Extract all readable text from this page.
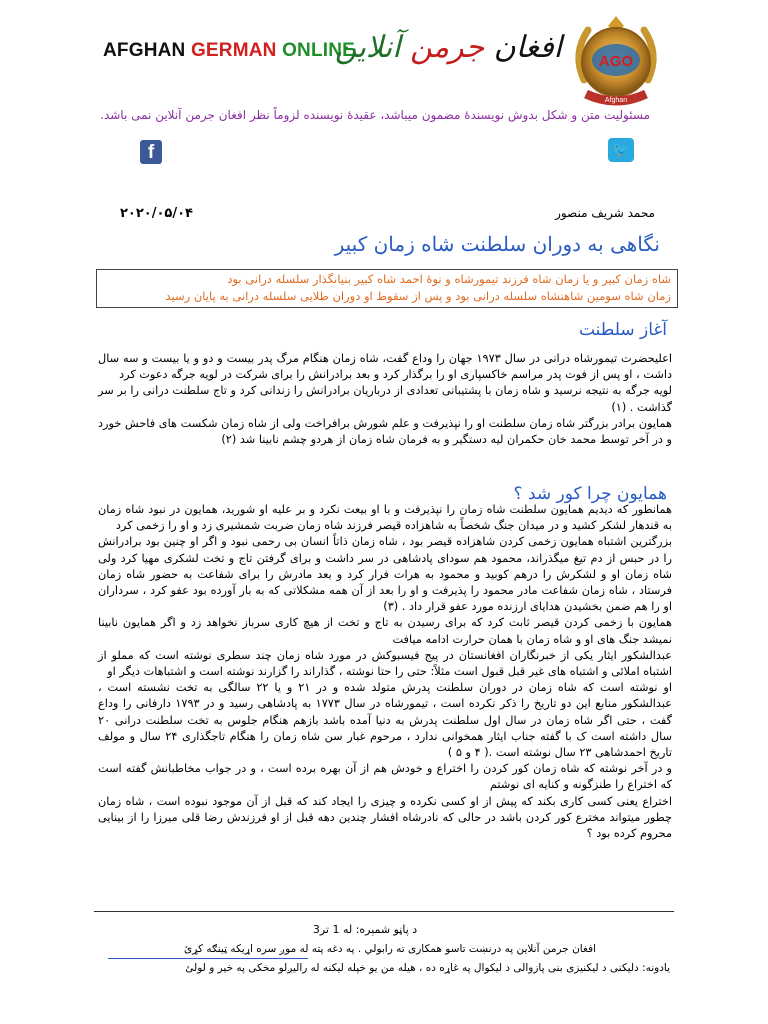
AFGHAN GERMAN ONLINE	افغان جرمن آنلاین	AGO
Afghan
مسئولیت متن و شکل بدوش نویسندۀ مضمون میباشد، عقیدۀ نویسنده لزوماً نظر افغان جرمن آنلاین نمی باشد.
f	🐦
۲۰۲۰/۰۵/۰۴	محمد شریف منصور
نگاهی به دوران سلطنت شاه زمان کبیر
شاه زمان کبیر و یا زمان شاه فرزند تیمورشاه و نوۀ احمد شاه کبیر بنیانگذار سلسله درانی بود
زمان شاه سومین شاهنشاه سلسله درانی بود و پس از سقوط او دوران طلایی سلسله درانی به پایان رسید
آغاز سلطنت
اعلیحضرت تیمورشاه درانی در سال ۱۹۷۳ جهان را وداع گفت، شاه زمان هنگام مرگ پدر بیست و دو و یا بیست و سه سال داشت ، او پس از فوت پدر مراسم خاکسپاری او را برگذار کرد و بعد برادرانش را برای شرکت در لویه جرگه دعوت کرد
لویه جرگه به نتیجه نرسید و شاه زمان با پشتیبانی تعدادی از درباریان برادرانش را زندانی کرد و تاج سلطنت درانی را بر سر گذاشت . (۱)
همایون برادر بزرگتر شاه زمان سلطنت او را نپذیرفت و علم شورش برافراخت ولی از شاه زمان شکست های فاحش خورد و در آخر توسط محمد خان حکمران لیه دستگیر و به فرمان شاه زمان از هردو چشم نابینا شد (۲)
همایون چرا کور شد ؟
همانطور که دیدیم همایون سلطنت شاه زمان را نپذیرفت و با او بیعت نکرد و بر علیه او شورید، همایون در نبود شاه زمان به قندهار لشکر کشید و در میدان جنگ شخصاً به شاهزاده قیصر فرزند شاه زمان ضربت شمشیری زد و او را زخمی کرد
بزرگترین اشتباه همایون زخمی کردن شاهزاده قیصر بود ، شاه زمان ذاتاً انسان بی رحمی نبود و اگر او چنین بود برادرانش را در حبس از دم تیغ میگذراند، محمود هم سودای پادشاهی در سر داشت و برای گرفتن تاج و تخت لشکری مهیا کرد ولی شاه زمان او و لشکرش را درهم کوبید و محمود به هرات فرار کرد و بعد مادرش را برای شفاعت به حضور شاه زمان فرستاد ، شاه زمان شفاعت مادر محمود را پذیرفت و او را بعد از آن همه مشکلاتی که به بار آورده بود عفو کرد ، سرداران او را هم ضمن بخشیدن هدایای ارزنده مورد عفو قرار داد . (۳)
همایون با زخمی کردن قیصر ثابت کرد که برای رسیدن به تاج و تخت از هیچ کاری سرباز نخواهد زد و اگر همایون نابینا نمیشد جنگ های او و شاه زمان با همان حرارت ادامه میافت
عبدالشکور ایثار یکی از خبرنگاران افغانستان در پیج فیسبوکش در مورد شاه زمان چند سطری نوشته است که مملو از اشتباه املائی و اشتباه های غیر قبل قبول است مثلاً: حتی را حتا نوشته ، گذاراند را گزارند نوشته است و اشتباهات دیگر او
او نوشته است که شاه زمان در دوران سلطنت پدرش متولد شده و در ۲۱ و یا ۲۲ سالگی به تخت نشسته است ، عبدالشکور منابع این دو تاریخ را ذکر نکرده است ، تیمورشاه در سال ۱۷۷۳ به پادشاهی رسید و در ۱۷۹۳ دارفانی را وداع گفت ، حتی اگر شاه زمان در سال اول سلطنت پدرش به دنیا آمده باشد بازهم هنگام جلوس به تخت سلطنت درانی ۲۰ سال داشته است ک با گفته جناب ایثار همخوانی ندارد ، مرحوم غبار سن شاه زمان را هنگام تاجگذاری ۲۴ سال و مولف تاریخ احمدشاهی ۲۳ سال نوشته است .( ۴ و ۵ )
و در آخر نوشته که شاه زمان کور کردن را اختراع و خودش هم از آن بهره برده است ، و در جواب مخاطبانش گفته است که اختراع را طنزگونه و کنایه ای نوشتم
اختراع یعنی کسی کاری بکند که پیش از او کسی نکرده و چیزی را ایجاد کند که قبل از آن موجود نبوده است ، شاه زمان چطور میتواند مخترع کور کردن باشد در حالی که نادرشاه افشار چندین دهه قبل از او فرزندش رضا قلی میرزا را از بینایی محروم کرده بود ؟
د پاڼو شمېره: له 1 تر3
افغان جرمن آنلاین په درنښت تاسو همکاری ته رابولي . په دغه پته له موږ سره اړیکه ټینګه کړئ
یادونه: دلیکنی د لیکنیزی بنی پازوالی د لیکوال په غاړه ده ، هیله من یو خپله لیکنه له رالیږلو مخکی په خیر و لولئ
